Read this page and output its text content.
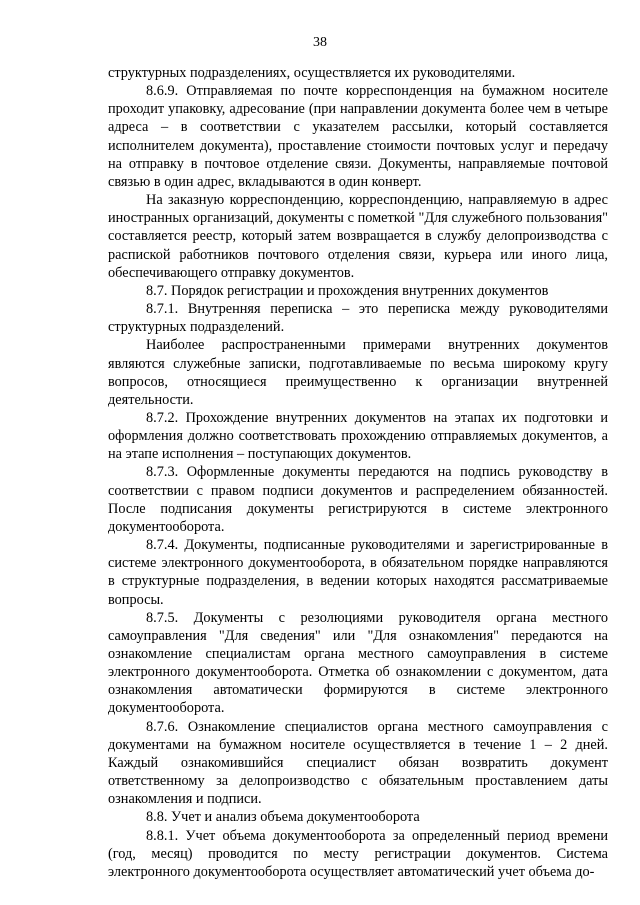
38

структурных подразделениях, осуществляется их руководителями.

8.6.9. Отправляемая по почте корреспонденция на бумажном носителе проходит упаковку, адресование (при направлении документа более чем в четыре адреса – в соответствии с указателем рассылки, который составляется исполнителем документа), проставление стоимости почтовых услуг и передачу на отправку в почтовое отделение связи. Документы, направляемые почтовой связью в один адрес, вкладываются в один конверт.

На заказную корреспонденцию, корреспонденцию, направляемую в адрес иностранных организаций, документы с пометкой "Для служебного пользования" составляется реестр, который затем возвращается в службу делопроизводства с распиской работников почтового отделения связи, курьера или иного лица, обеспечивающего отправку документов.

8.7. Порядок регистрации и прохождения внутренних документов

8.7.1. Внутренняя переписка – это переписка между руководителями структурных подразделений.

Наиболее распространенными примерами внутренних документов являются служебные записки, подготавливаемые по весьма широкому кругу вопросов, относящиеся преимущественно к организации внутренней деятельности.

8.7.2. Прохождение внутренних документов на этапах их подготовки и оформления должно соответствовать прохождению отправляемых документов, а на этапе исполнения – поступающих документов.

8.7.3. Оформленные документы передаются на подпись руководству в соответствии с правом подписи документов и распределением обязанностей. После подписания документы регистрируются в системе электронного документооборота.

8.7.4. Документы, подписанные руководителями и зарегистрированные в системе электронного документооборота, в обязательном порядке направляются в структурные подразделения, в ведении которых находятся рассматриваемые вопросы.

8.7.5. Документы с резолюциями руководителя органа местного самоуправления "Для сведения" или "Для ознакомления" передаются на ознакомление специалистам органа местного самоуправления в системе электронного документооборота. Отметка об ознакомлении с документом, дата ознакомления автоматически формируются в системе электронного документооборота.

8.7.6. Ознакомление специалистов органа местного самоуправления с документами на бумажном носителе осуществляется в течение 1 – 2 дней. Каждый ознакомившийся специалист обязан возвратить документ ответственному за делопроизводство с обязательным проставлением даты ознакомления и подписи.

8.8. Учет и анализ объема документооборота

8.8.1. Учет объема документооборота за определенный период времени (год, месяц) проводится по месту регистрации документов. Система электронного документооборота осуществляет автоматический учет объема до-
